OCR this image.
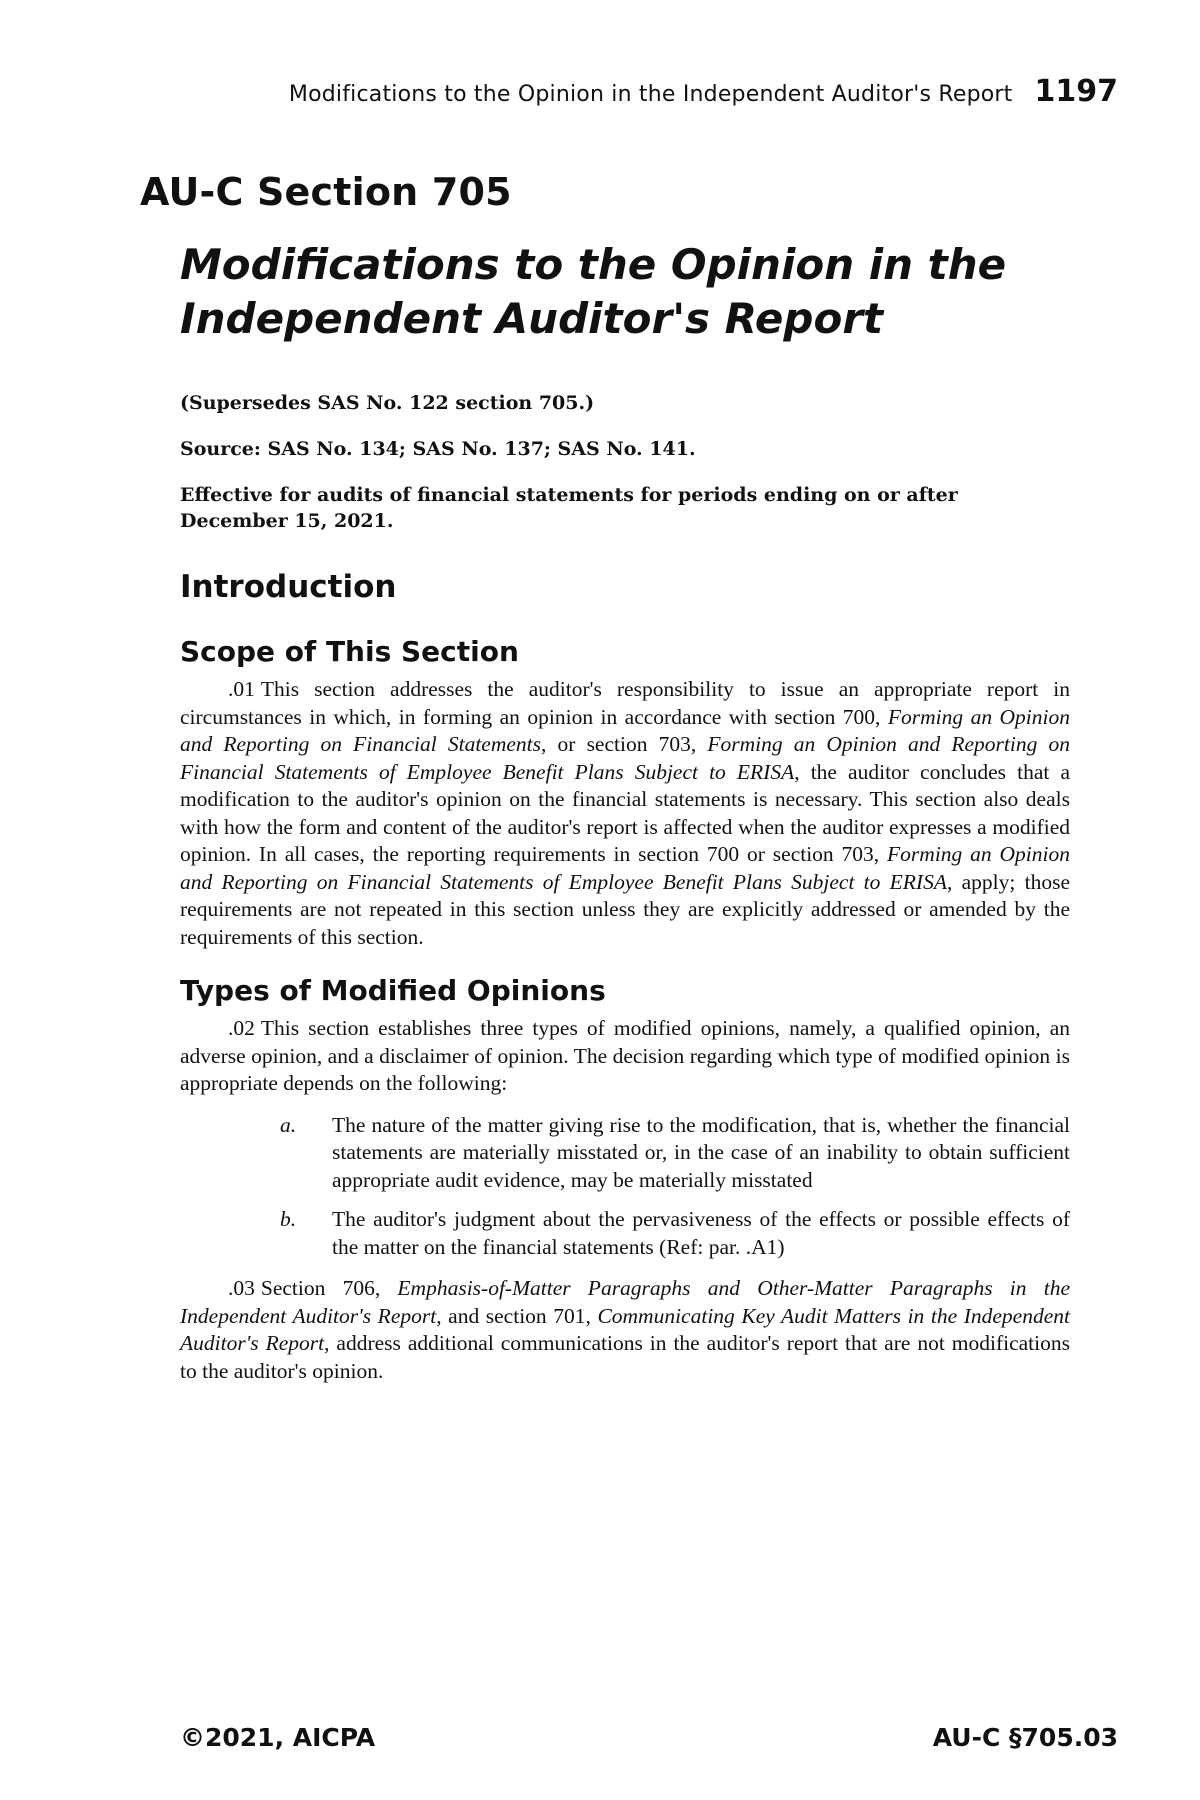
Modifications to the Opinion in the Independent Auditor's Report 1197
AU-C Section 705
Modifications to the Opinion in the Independent Auditor's Report

(Supersedes SAS No. 122 section 705.)

Source: SAS No. 134; SAS No. 137; SAS No. 141.

Effective for audits of financial statements for periods ending on or after December 15, 2021.

Introduction
Scope of This Section

.01 This section addresses the auditor's responsibility to issue an appropriate report in circumstances in which, in forming an opinion in accordance with section 700, Forming an Opinion and Reporting on Financial Statements, or section 703, Forming an Opinion and Reporting on Financial Statements of Employee Benefit Plans Subject to ERISA, the auditor concludes that a modification to the auditor's opinion on the financial statements is necessary. This section also deals with how the form and content of the auditor's report is affected when the auditor expresses a modified opinion. In all cases, the reporting requirements in section 700 or section 703, Forming an Opinion and Reporting on Financial Statements of Employee Benefit Plans Subject to ERISA, apply; those requirements are not repeated in this section unless they are explicitly addressed or amended by the requirements of this section.

Types of Modified Opinions

.02 This section establishes three types of modified opinions, namely, a qualified opinion, an adverse opinion, and a disclaimer of opinion. The decision regarding which type of modified opinion is appropriate depends on the following:

a.	The nature of the matter giving rise to the modification, that is, whether the financial statements are materially misstated or, in the case of an inability to obtain sufficient appropriate audit evidence, may be materially misstated
b.	The auditor's judgment about the pervasiveness of the effects or possible effects of the matter on the financial statements (Ref: par. .A1)

.03 Section 706, Emphasis-of-Matter Paragraphs and Other-Matter Paragraphs in the Independent Auditor's Report, and section 701, Communicating Key Audit Matters in the Independent Auditor's Report, address additional communications in the auditor's report that are not modifications to the auditor's opinion.

©2021, AICPA	AU-C §705.03
